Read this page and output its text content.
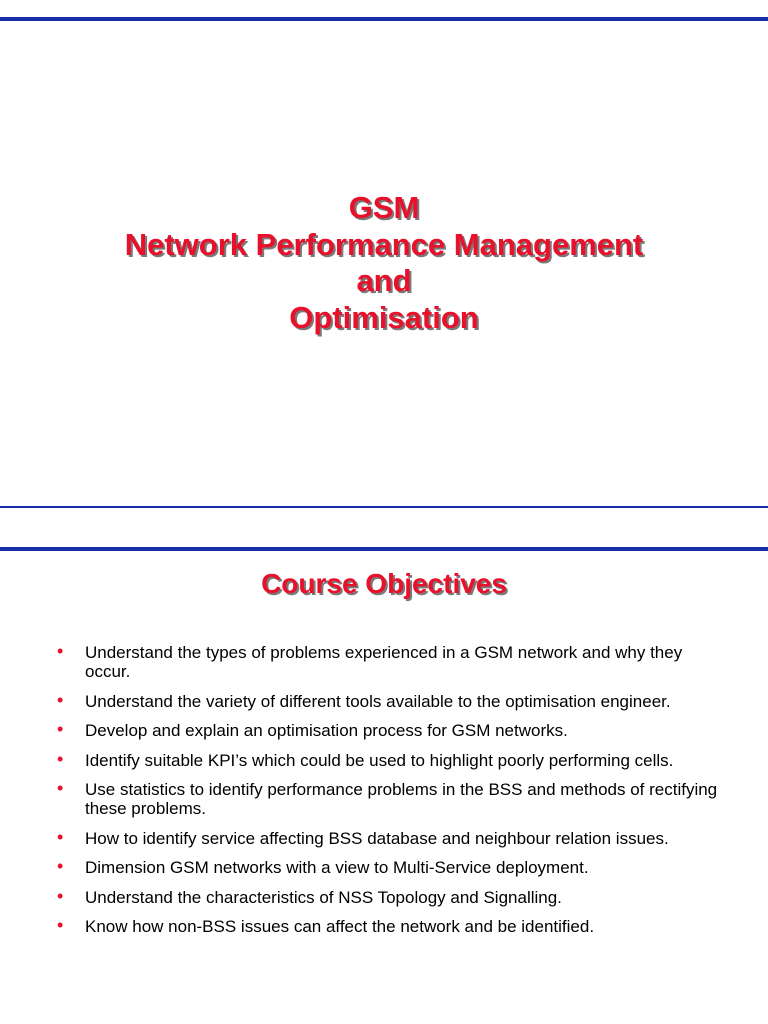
GSM
Network Performance Management
and
Optimisation
Course Objectives
• Understand the types of problems experienced in a GSM network and why they occur.
• Understand the variety of different tools available to the optimisation engineer.
• Develop and explain an optimisation process for GSM networks.
• Identify suitable KPI’s which could be used to highlight poorly performing cells.
• Use statistics to identify performance problems in the BSS and methods of rectifying these problems.
• How to identify service affecting BSS database and neighbour relation issues.
• Dimension GSM networks with a view to Multi-Service deployment.
• Understand the characteristics of NSS Topology and Signalling.
• Know how non-BSS issues can affect the network and be identified.
